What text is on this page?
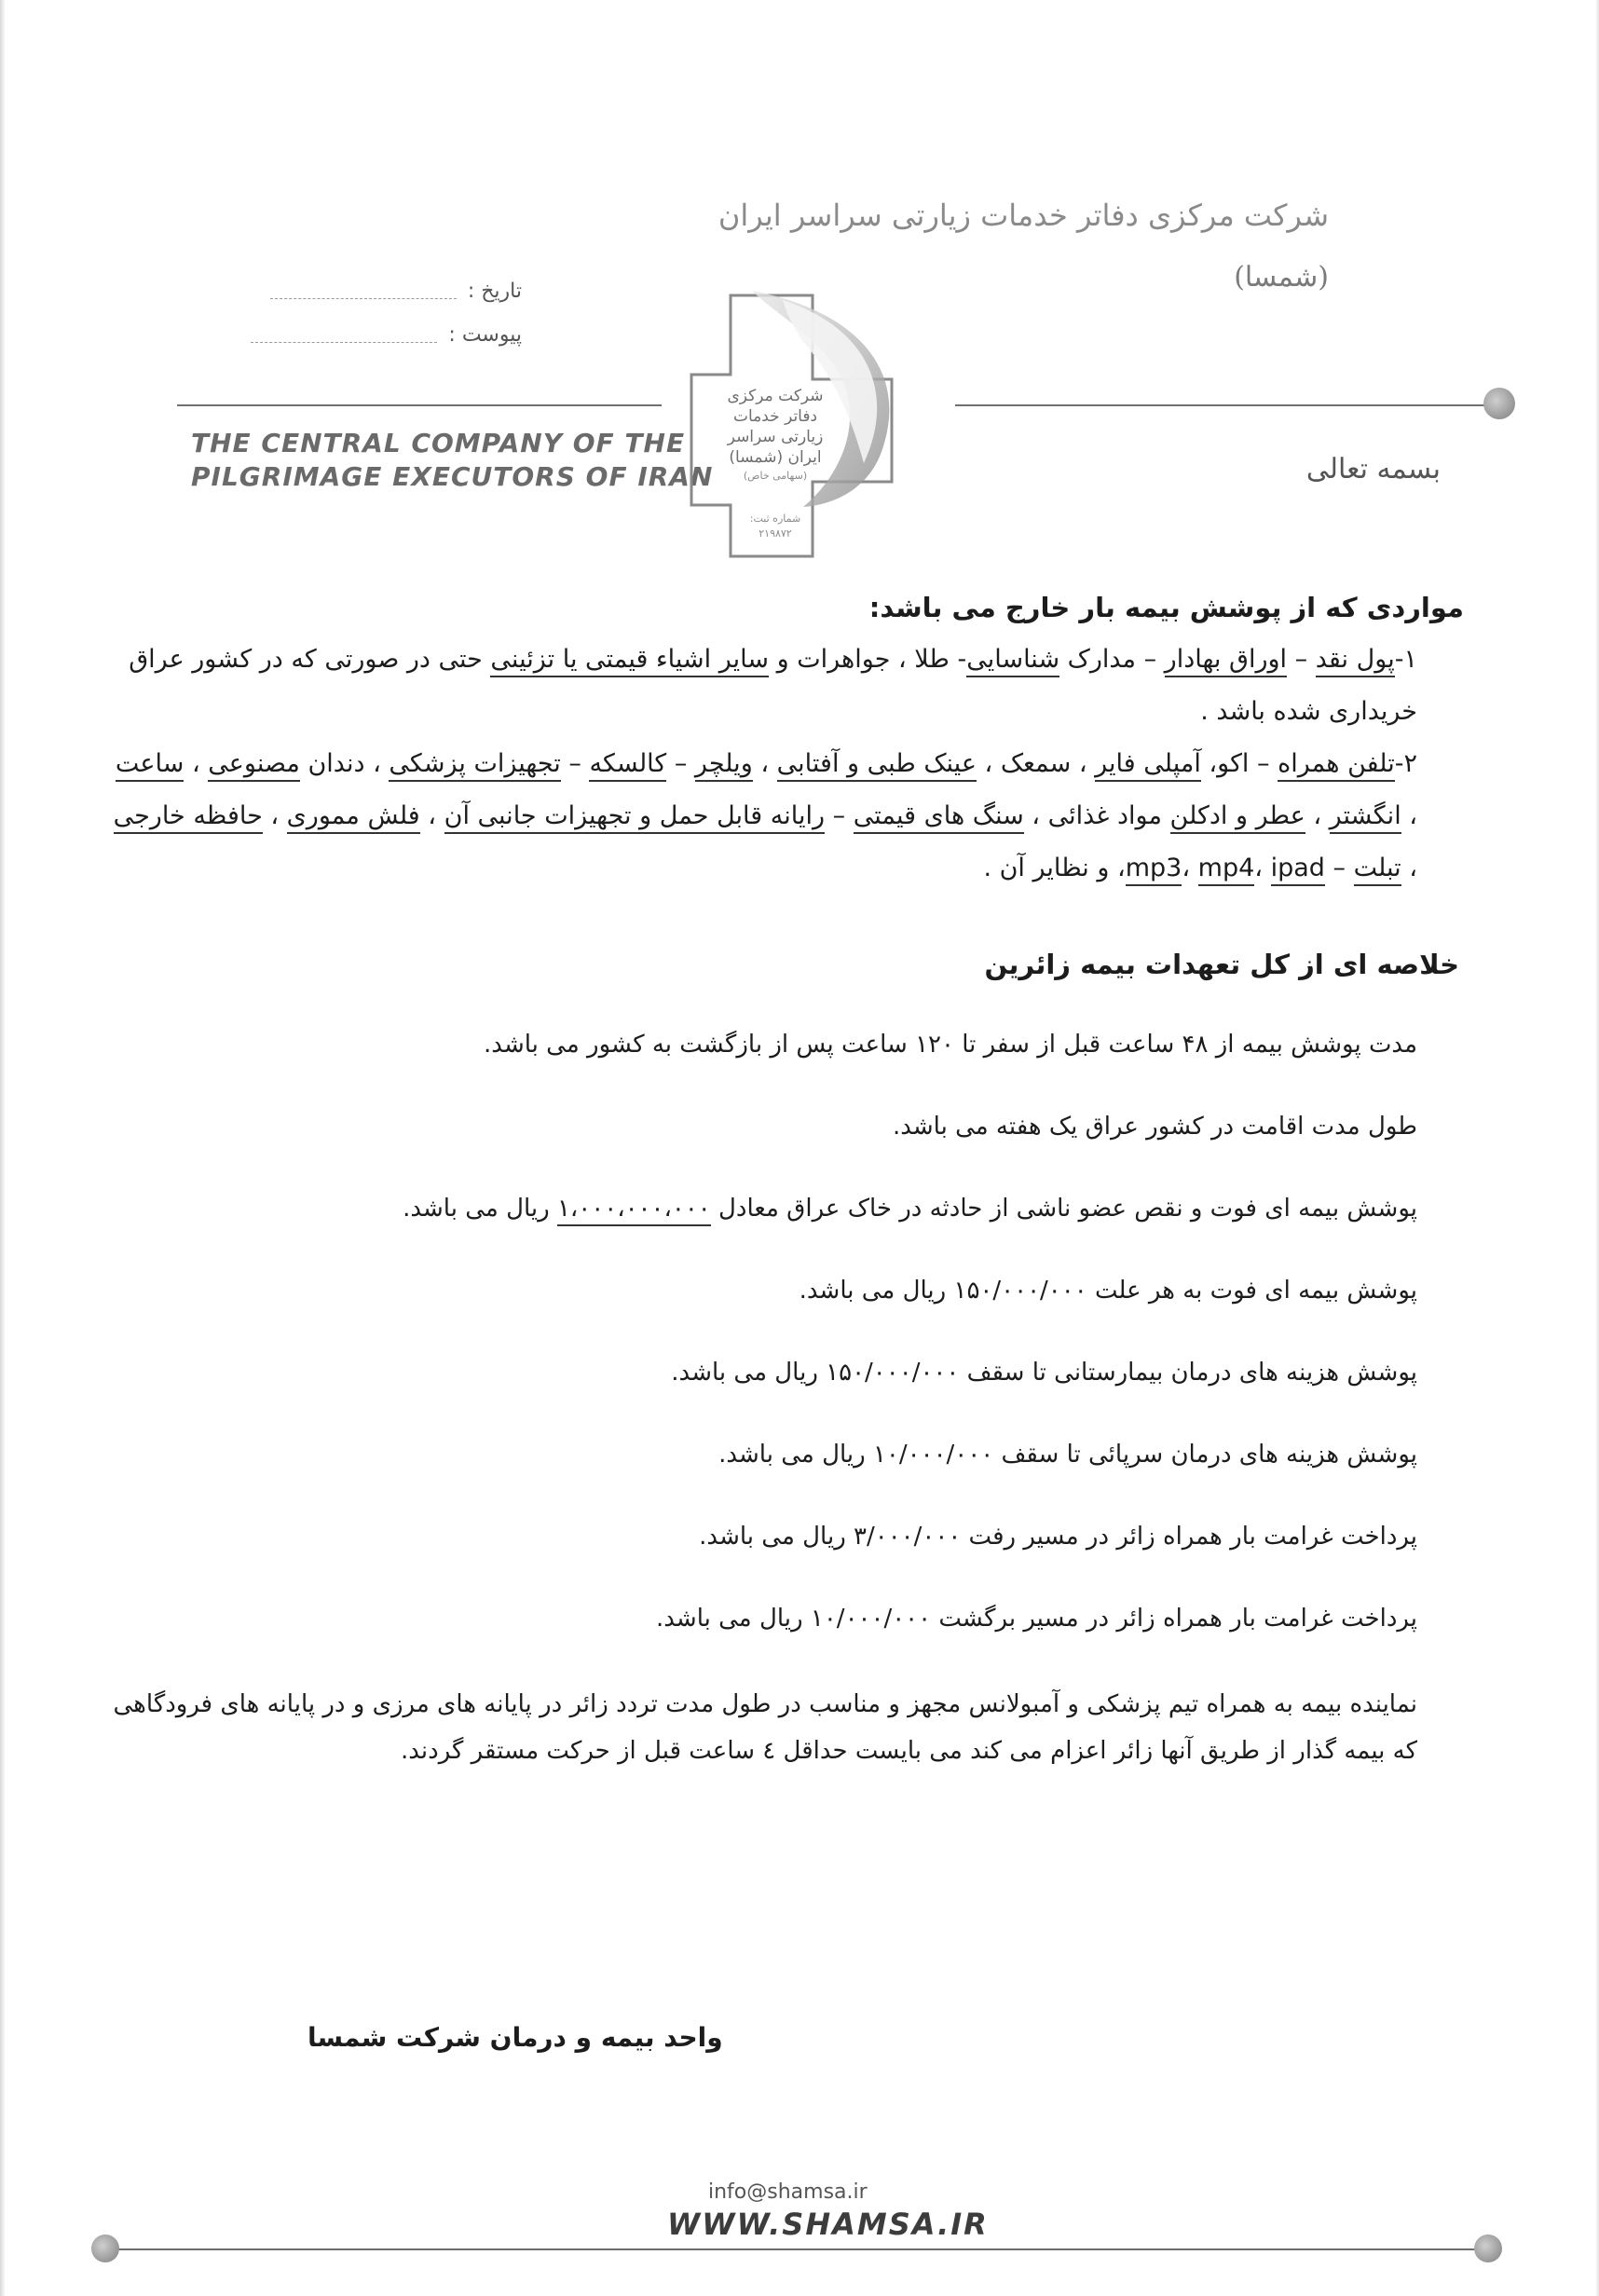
شرکت مرکزی دفاتر خدمات زیارتی سراسر ایران
(شمسا)
تاریخ :
پیوست :
THE CENTRAL COMPANY OF THE
PILGRIMAGE EXECUTORS OF IRAN	بسمه تعالی
شرکت مرکزی
دفاتر خدمات
زیارتی سراسر
ایران (شمسا)
(سهامی خاص)
شماره ثبت:
۲۱۹۸۷۲
مواردی که از پوشش بیمه بار خارج می باشد:

۱-پول نقد – اوراق بهادار – مدارک شناسایی- طلا ، جواهرات و سایر اشیاء قیمتی یا تزئینی حتی در صورتی که در کشور عراق خریداری شده باشد .

۲-تلفن همراه – اکو، آمپلی فایر ، سمعک ، عینک طبی و آفتابی ، ویلچر – کالسکه – تجهیزات پزشکی ، دندان مصنوعی ، ساعت ، انگشتر ، عطر و ادکلن مواد غذائی ، سنگ های قیمتی – رایانه قابل حمل و تجهیزات جانبی آن ، فلش مموری ، حافظه خارجی ، تبلت – mp3، mp4، ipad، و نظایر آن .

خلاصه ای از کل تعهدات بیمه زائرین

مدت پوشش بیمه از ۴۸ ساعت قبل از سفر تا ۱۲۰ ساعت پس از بازگشت به کشور می باشد.

طول مدت اقامت در کشور عراق یک هفته می باشد.

پوشش بیمه ای فوت و نقص عضو ناشی از حادثه در خاک عراق معادل ۱،۰۰۰،۰۰۰،۰۰۰ ریال می باشد.

پوشش بیمه ای فوت به هر علت ۱۵۰/۰۰۰/۰۰۰ ریال می باشد.

پوشش هزینه های درمان بیمارستانی تا سقف ۱۵۰/۰۰۰/۰۰۰ ریال می باشد.

پوشش هزینه های درمان سرپائی تا سقف ۱۰/۰۰۰/۰۰۰ ریال می باشد.

پرداخت غرامت بار همراه زائر در مسیر رفت ۳/۰۰۰/۰۰۰ ریال می باشد.

پرداخت غرامت بار همراه زائر در مسیر برگشت ۱۰/۰۰۰/۰۰۰ ریال می باشد.

نماینده بیمه به همراه تیم پزشکی و آمبولانس مجهز و مناسب در طول مدت تردد زائر در پایانه های مرزی و در پایانه های فرودگاهی که بیمه گذار از طریق آنها زائر اعزام می کند می بایست حداقل ٤ ساعت قبل از حرکت مستقر گردند.

واحد بیمه و درمان شرکت شمسا
info@shamsa.ir
WWW.SHAMSA.IR
